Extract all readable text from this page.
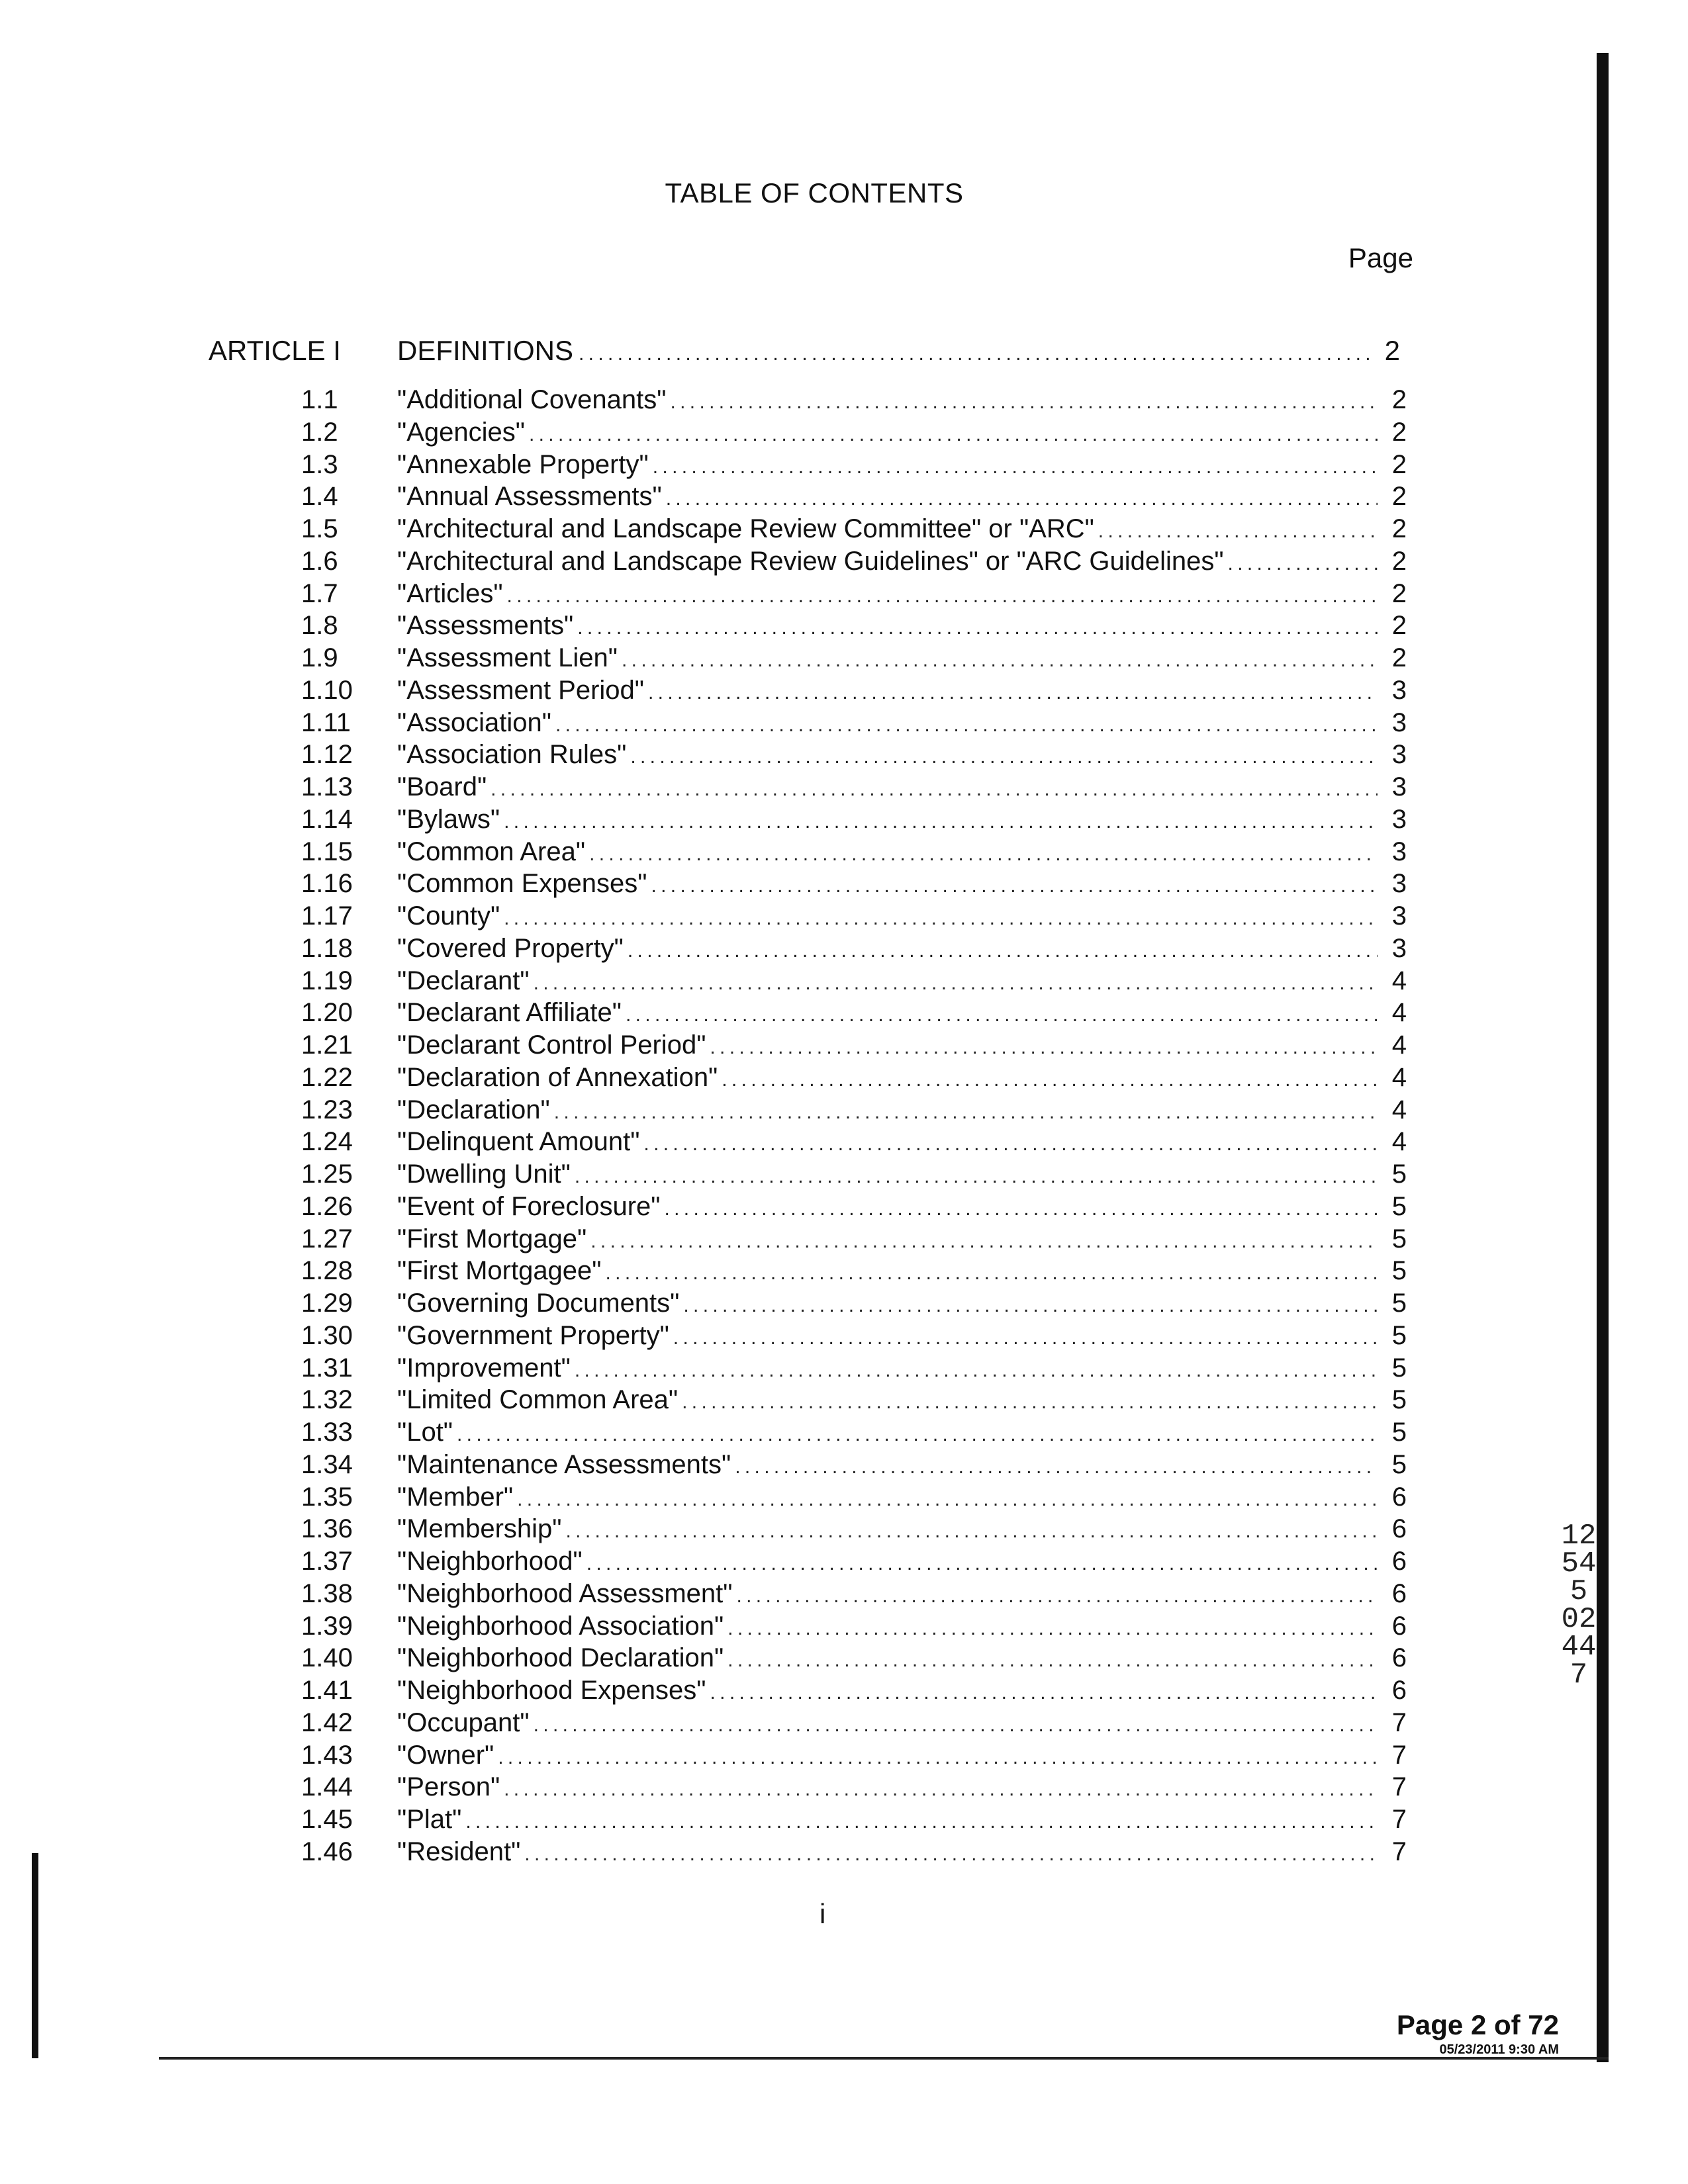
TABLE OF CONTENTS
Page
ARTICLE I	DEFINITIONS . . .	2
1.1	"Additional Covenants" . . .	2
1.2	"Agencies" . . .	2
1.3	"Annexable Property" . . .	2
1.4	"Annual Assessments" . . .	2
1.5	"Architectural and Landscape Review Committee" or "ARC" . . .	2
1.6	"Architectural and Landscape Review Guidelines" or "ARC Guidelines" . . .	2
1.7	"Articles" . . .	2
1.8	"Assessments" . . .	2
1.9	"Assessment Lien" . . .	2
1.10	"Assessment Period" . . .	3
1.11	"Association" . . .	3
1.12	"Association Rules" . . .	3
1.13	"Board" . . .	3
1.14	"Bylaws" . . .	3
1.15	"Common Area" . . .	3
1.16	"Common Expenses" . . .	3
1.17	"County" . . .	3
1.18	"Covered Property" . . .	3
1.19	"Declarant" . . .	4
1.20	"Declarant Affiliate" . . .	4
1.21	"Declarant Control Period" . . .	4
1.22	"Declaration of Annexation" . . .	4
1.23	"Declaration" . . .	4
1.24	"Delinquent Amount" . . .	4
1.25	"Dwelling Unit" . . .	5
1.26	"Event of Foreclosure" . . .	5
1.27	"First Mortgage" . . .	5
1.28	"First Mortgagee" . . .	5
1.29	"Governing Documents" . . .	5
1.30	"Government Property" . . .	5
1.31	"Improvement" . . .	5
1.32	"Limited Common Area" . . .	5
1.33	"Lot" . . .	5
1.34	"Maintenance Assessments" . . .	5
1.35	"Member" . . .	6
1.36	"Membership" . . .	6
1.37	"Neighborhood" . . .	6
1.38	"Neighborhood Assessment" . . .	6
1.39	"Neighborhood Association" . . .	6
1.40	"Neighborhood Declaration" . . .	6
1.41	"Neighborhood Expenses" . . .	6
1.42	"Occupant" . . .	7
1.43	"Owner" . . .	7
1.44	"Person" . . .	7
1.45	"Plat" . . .	7
1.46	"Resident" . . .	7
i
12545 02447
Page 2 of 72
05/23/2011 9:30 AM
